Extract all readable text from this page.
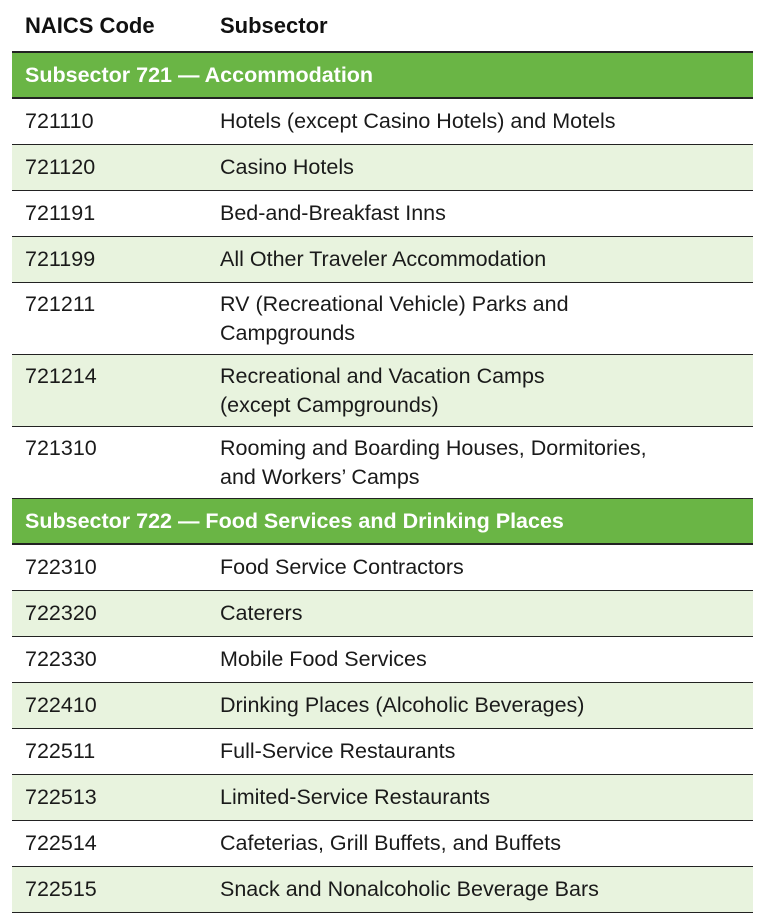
NAICS Code	Subsector
Subsector 721 — Accommodation
721110	Hotels (except Casino Hotels) and Motels
721120	Casino Hotels
721191	Bed-and-Breakfast Inns
721199	All Other Traveler Accommodation
721211	RV (Recreational Vehicle) Parks and
Campgrounds
721214	Recreational and Vacation Camps
(except Campgrounds)
721310	Rooming and Boarding Houses, Dormitories,
and Workers’ Camps
Subsector 722 — Food Services and Drinking Places
722310	Food Service Contractors
722320	Caterers
722330	Mobile Food Services
722410	Drinking Places (Alcoholic Beverages)
722511	Full-Service Restaurants
722513	Limited-Service Restaurants
722514	Cafeterias, Grill Buffets, and Buffets
722515	Snack and Nonalcoholic Beverage Bars
